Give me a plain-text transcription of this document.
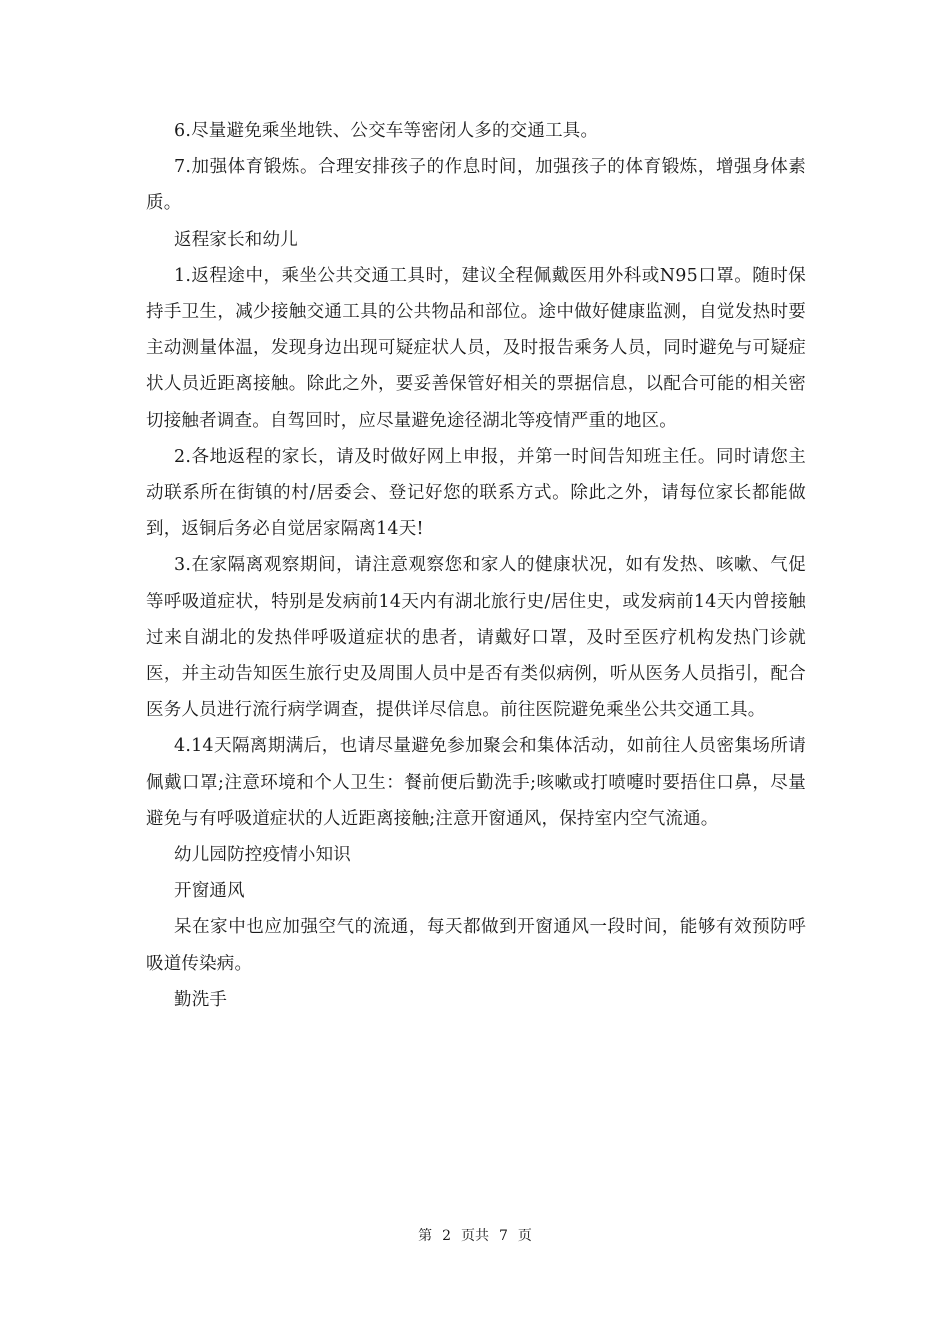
6.尽量避免乘坐地铁、公交车等密闭人多的交通工具。

7.加强体育锻炼。合理安排孩子的作息时间，加强孩子的体育锻炼，增强身体素质。

返程家长和幼儿

1.返程途中，乘坐公共交通工具时，建议全程佩戴医用外科或N95口罩。随时保持手卫生，减少接触交通工具的公共物品和部位。途中做好健康监测，自觉发热时要主动测量体温，发现身边出现可疑症状人员，及时报告乘务人员，同时避免与可疑症状人员近距离接触。除此之外，要妥善保管好相关的票据信息，以配合可能的相关密切接触者调查。自驾回时，应尽量避免途径湖北等疫情严重的地区。

2.各地返程的家长，请及时做好网上申报，并第一时间告知班主任。同时请您主动联系所在街镇的村/居委会、登记好您的联系方式。除此之外，请每位家长都能做到，返铜后务必自觉居家隔离14天!

3.在家隔离观察期间，请注意观察您和家人的健康状况，如有发热、咳嗽、气促等呼吸道症状，特别是发病前14天内有湖北旅行史/居住史，或发病前14天内曾接触过来自湖北的发热伴呼吸道症状的患者，请戴好口罩，及时至医疗机构发热门诊就医，并主动告知医生旅行史及周围人员中是否有类似病例，听从医务人员指引，配合医务人员进行流行病学调查，提供详尽信息。前往医院避免乘坐公共交通工具。

4.14天隔离期满后，也请尽量避免参加聚会和集体活动，如前往人员密集场所请佩戴口罩;注意环境和个人卫生：餐前便后勤洗手;咳嗽或打喷嚏时要捂住口鼻，尽量避免与有呼吸道症状的人近距离接触;注意开窗通风，保持室内空气流通。

幼儿园防控疫情小知识

开窗通风

呆在家中也应加强空气的流通，每天都做到开窗通风一段时间，能够有效预防呼吸道传染病。

勤洗手

第 2 页共 7 页
